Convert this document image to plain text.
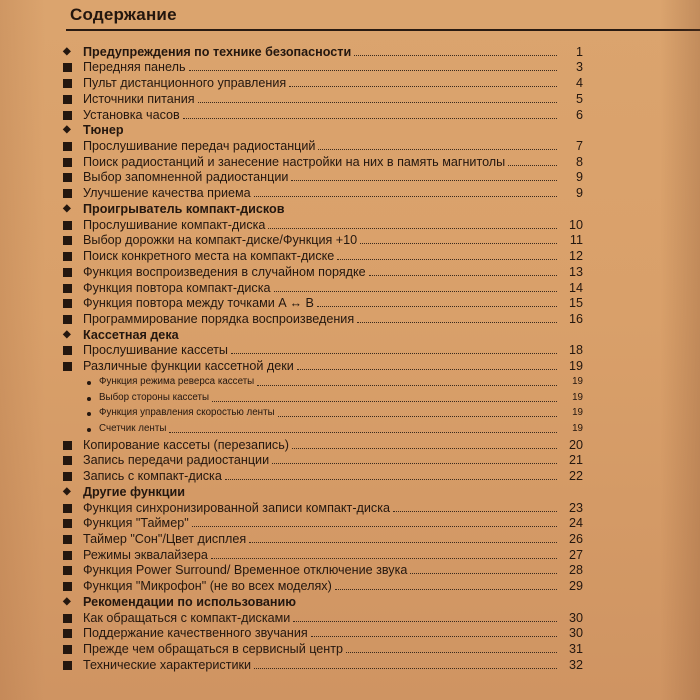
Содержание
◆ Предупреждения по технике безопасности	1
Передняя панель	3
Пульт дистанционного управления	4
Источники питания	5
Установка часов	6
◆ Тюнер
Прослушивание передач радиостанций	7
Поиск радиостанций и занесение настройки на них в память магнитолы	8
Выбор запомненной радиостанции	9
Улучшение качества приема	9
◆ Проигрыватель компакт-дисков
Прослушивание компакт-диска	10
Выбор дорожки на компакт-диске/Функция +10	11
Поиск конкретного места на компакт-диске	12
Функция воспроизведения в случайном порядке	13
Функция повтора компакт-диска	14
Функция повтора между точками A ↔ B	15
Программирование порядка воспроизведения	16
◆ Кассетная дека
Прослушивание кассеты	18
Различные функции кассетной деки	19
Функция режима реверса кассеты	19
Выбор стороны кассеты	19
Функция управления скоростью ленты	19
Счетчик ленты	19
Копирование кассеты (перезапись)	20
Запись передачи радиостанции	21
Запись с компакт-диска	22
◆ Другие функции
Функция синхронизированной записи компакт-диска	23
Функция "Таймер"	24
Таймер "Сон"/Цвет дисплея	26
Режимы эквалайзера	27
Функция Power Surround/ Временное отключение звука	28
Функция "Микрофон" (не во всех моделях)	29
◆ Рекомендации по использованию
Как обращаться с компакт-дисками	30
Поддержание качественного звучания	30
Прежде чем обращаться в сервисный центр	31
Технические характеристики	32
